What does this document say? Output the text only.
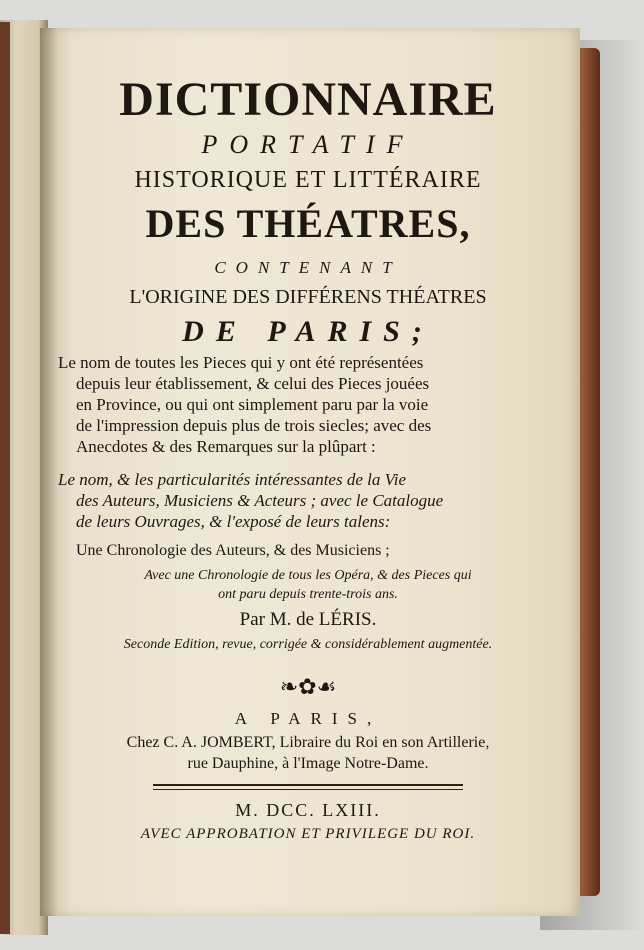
DICTIONNAIRE
PORTATIF
HISTORIQUE ET LITTÉRAIRE
DES THÉATRES,
CONTENANT
L'ORIGINE DES DIFFÉRENS THÉATRES
DE PARIS;
Le nom de toutes les Pieces qui y ont été représentées
depuis leur établissement, & celui des Pieces jouées
en Province, ou qui ont simplement paru par la voie
de l'impression depuis plus de trois siecles; avec des
Anecdotes & des Remarques sur la plûpart :
Le nom, & les particularités intéressantes de la Vie
des Auteurs, Musiciens & Acteurs ; avec le Catalogue
de leurs Ouvrages, & l'exposé de leurs talens:
Une Chronologie des Auteurs, & des Musiciens ;
Avec une Chronologie de tous les Opéra, & des Pieces qui
ont paru depuis trente-trois ans.
Par M. de LÉRIS.
Seconde Edition, revue, corrigée & considérablement augmentée.
❧✿☙
A PARIS,
Chez C. A. JOMBERT, Libraire du Roi en son Artillerie,
rue Dauphine, à l'Image Notre-Dame.
M. DCC. LXIII.
AVEC APPROBATION ET PRIVILEGE DU ROI.
